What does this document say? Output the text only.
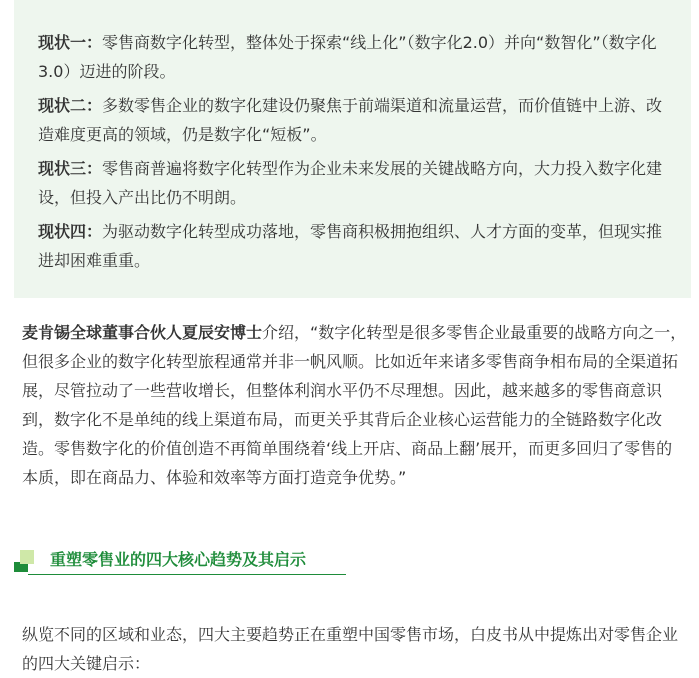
现状一：零售商数字化转型，整体处于探索“线上化”（数字化2.0）并向“数智化”（数字化3.0）迈进的阶段。

现状二：多数零售企业的数字化建设仍聚焦于前端渠道和流量运营，而价值链中上游、改造难度更高的领域，仍是数字化“短板”。

现状三：零售商普遍将数字化转型作为企业未来发展的关键战略方向，大力投入数字化建设，但投入产出比仍不明朗。

现状四：为驱动数字化转型成功落地，零售商积极拥抱组织、人才方面的变革，但现实推进却困难重重。

麦肯锡全球董事合伙人夏辰安博士介绍，“数字化转型是很多零售企业最重要的战略方向之一，但很多企业的数字化转型旅程通常并非一帆风顺。比如近年来诸多零售商争相布局的全渠道拓展，尽管拉动了一些营收增长，但整体利润水平仍不尽理想。因此，越来越多的零售商意识到，数字化不是单纯的线上渠道布局，而更关乎其背后企业核心运营能力的全链路数字化改造。零售数字化的价值创造不再简单围绕着‘线上开店、商品上翻’展开，而更多回归了零售的本质，即在商品力、体验和效率等方面打造竞争优势。”

重塑零售业的四大核心趋势及其启示

纵览不同的区域和业态，四大主要趋势正在重塑中国零售市场，白皮书从中提炼出对零售企业的四大关键启示：
